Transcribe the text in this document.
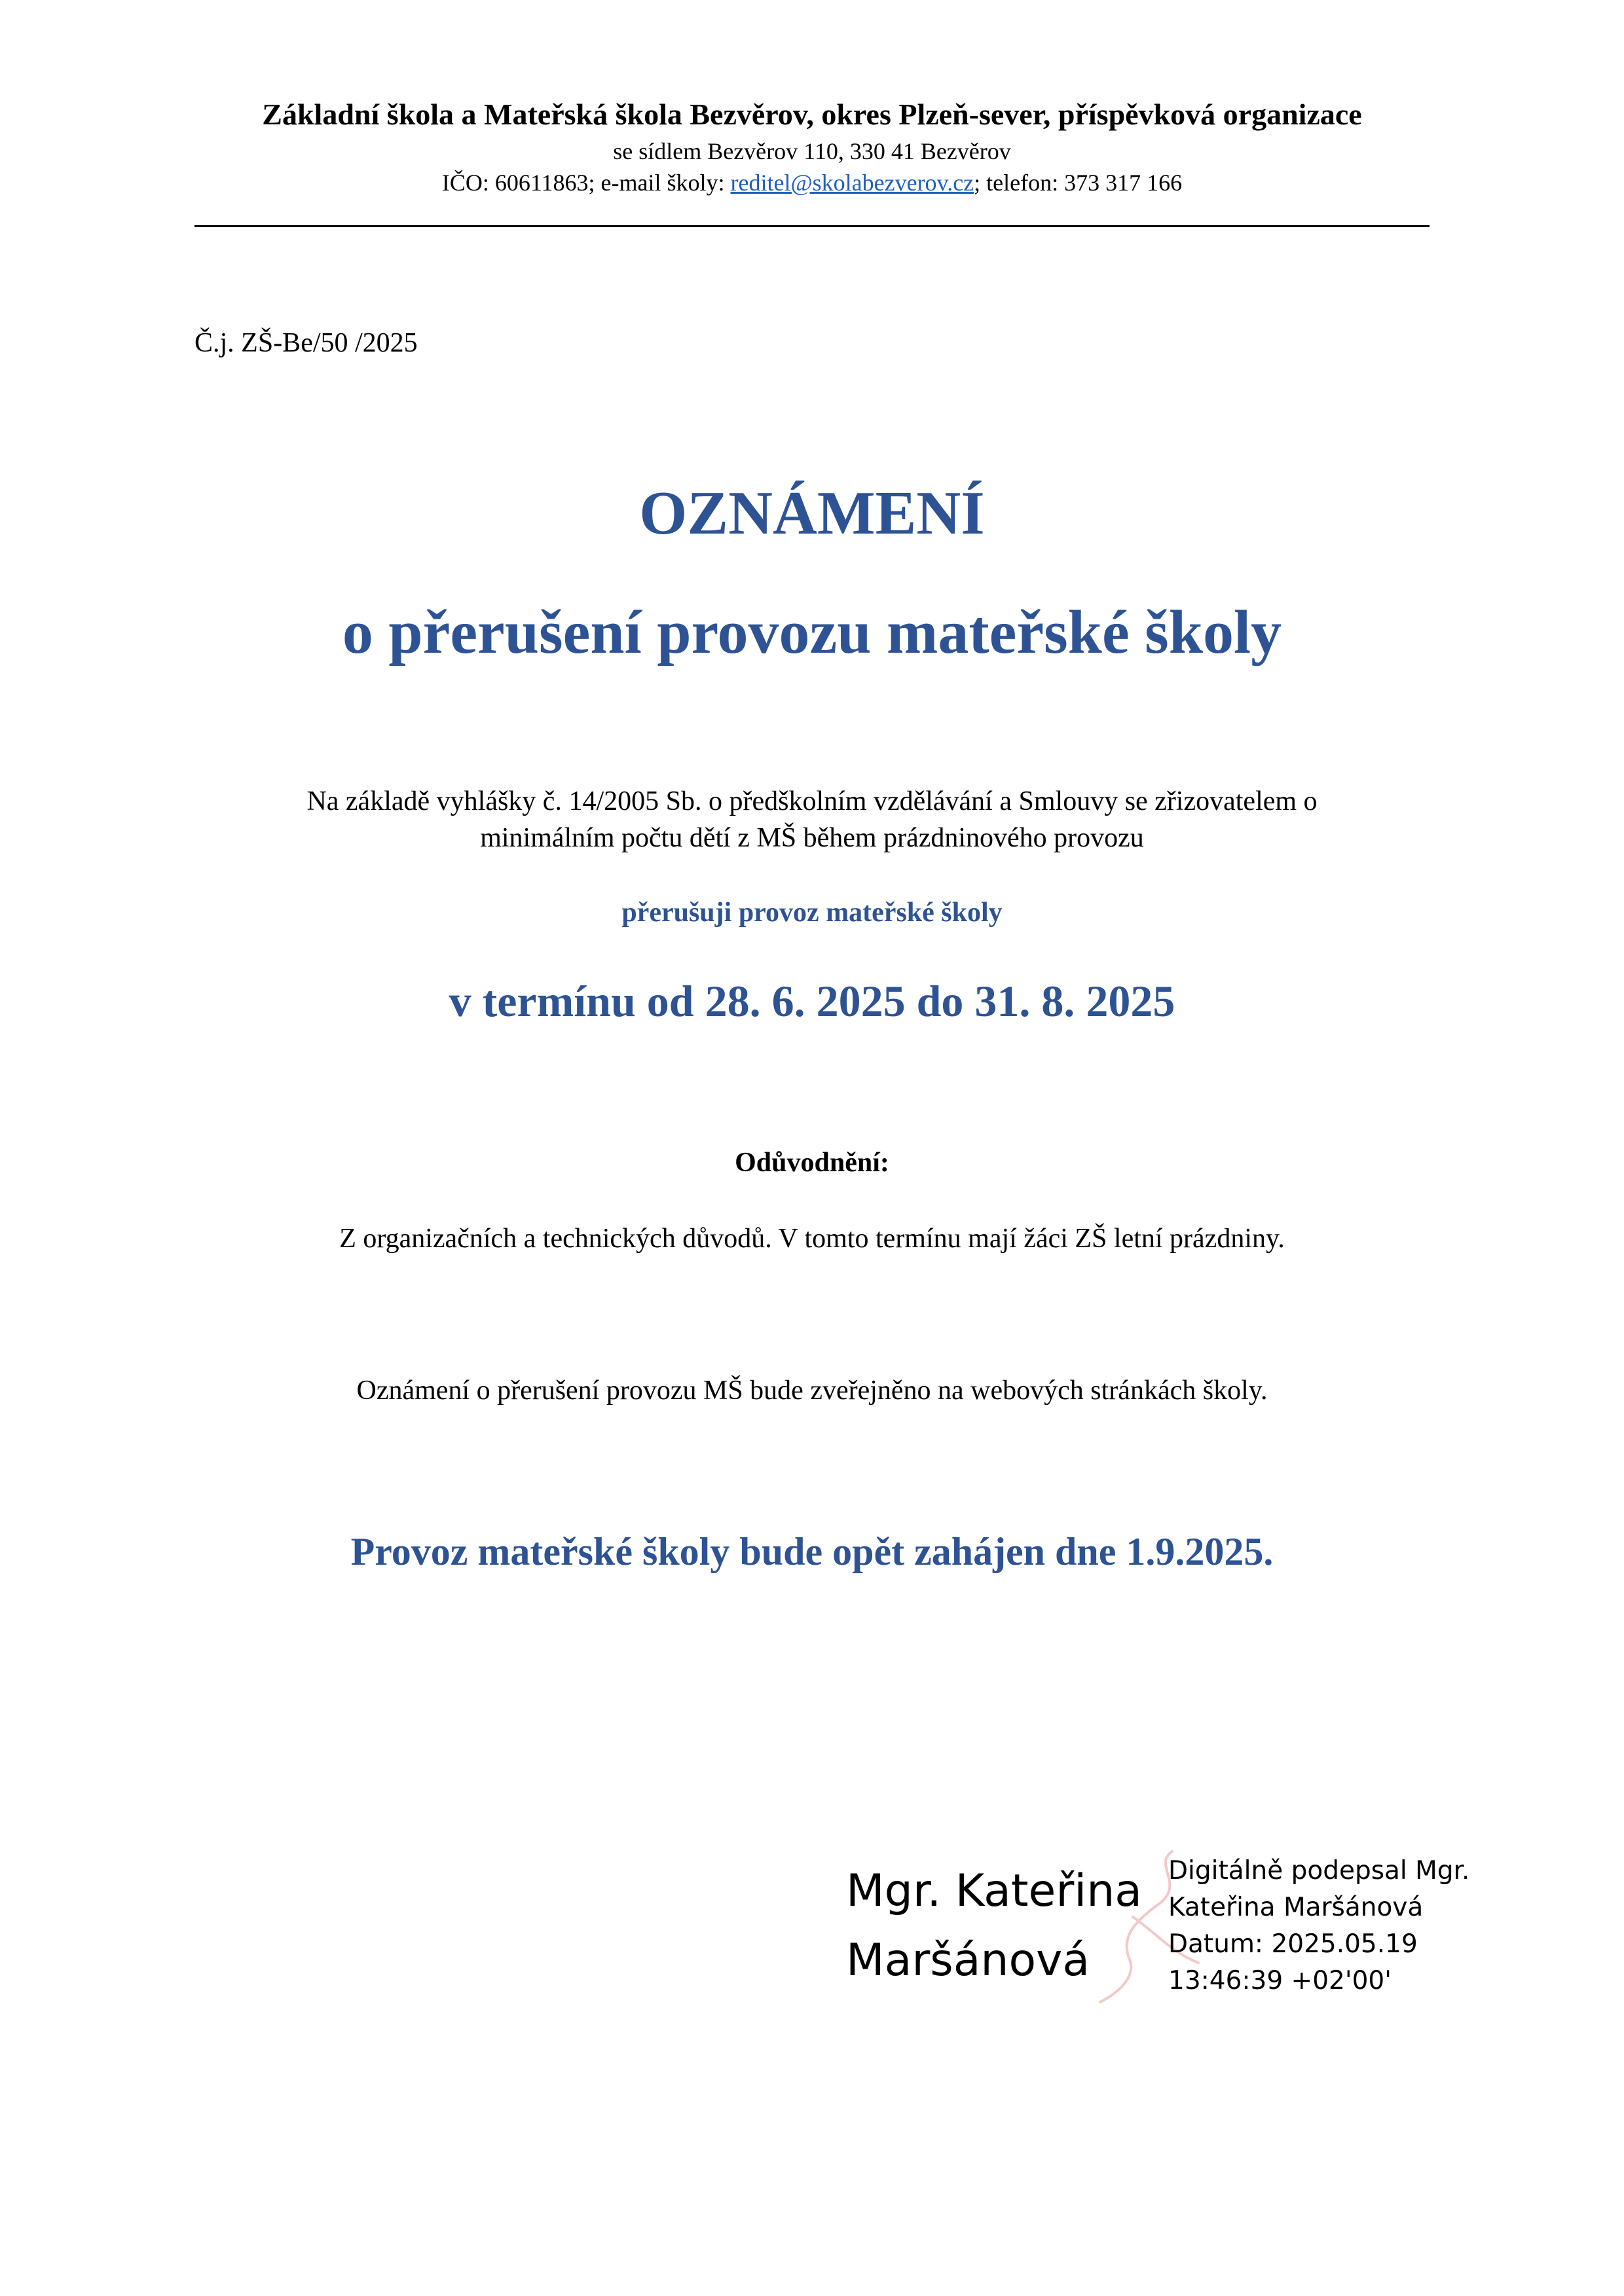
Základní škola a Mateřská škola Bezvěrov, okres Plzeň-sever, příspěvková organizace
se sídlem Bezvěrov 110, 330 41 Bezvěrov
IČO: 60611863; e-mail školy: reditel@skolabezverov.cz; telefon: 373 317 166
Č.j. ZŠ-Be/50 /2025
OZNÁMENÍ
o přerušení provozu mateřské školy
Na základě vyhlášky č. 14/2005 Sb. o předškolním vzdělávání a Smlouvy se zřizovatelem o
minimálním počtu dětí z MŠ během prázdninového provozu
přerušuji provoz mateřské školy
v termínu od 28. 6. 2025 do 31. 8. 2025
Odůvodnění:
Z organizačních a technických důvodů. V tomto termínu mají žáci ZŠ letní prázdniny.
Oznámení o přerušení provozu MŠ bude zveřejněno na webových stránkách školy.
Provoz mateřské školy bude opět zahájen dne 1.9.2025.
Mgr. Kateřina
Maršánová
Digitálně podepsal Mgr.
Kateřina Maršánová
Datum: 2025.05.19
13:46:39 +02'00'
